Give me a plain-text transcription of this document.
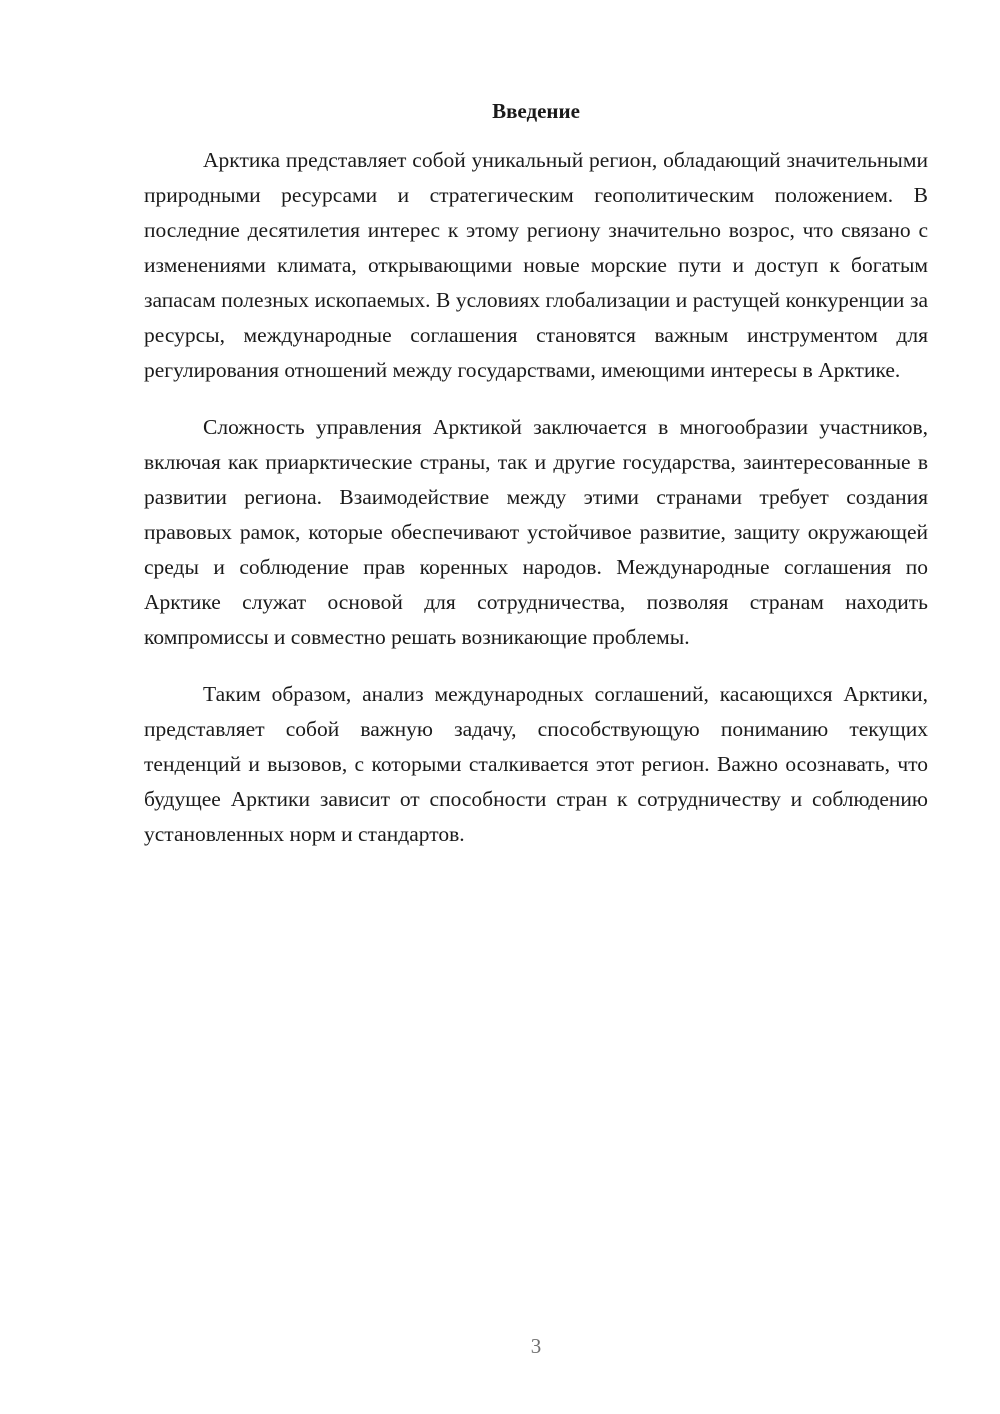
Введение

Арктика представляет собой уникальный регион, обладающий значительными природными ресурсами и стратегическим геополитическим положением. В последние десятилетия интерес к этому региону значительно возрос, что связано с изменениями климата, открывающими новые морские пути и доступ к богатым запасам полезных ископаемых. В условиях глобализации и растущей конкуренции за ресурсы, международные соглашения становятся важным инструментом для регулирования отношений между государствами, имеющими интересы в Арктике.

Сложность управления Арктикой заключается в многообразии участников, включая как приарктические страны, так и другие государства, заинтересованные в развитии региона. Взаимодействие между этими странами требует создания правовых рамок, которые обеспечивают устойчивое развитие, защиту окружающей среды и соблюдение прав коренных народов. Международные соглашения по Арктике служат основой для сотрудничества, позволяя странам находить компромиссы и совместно решать возникающие проблемы.

Таким образом, анализ международных соглашений, касающихся Арктики, представляет собой важную задачу, способствующую пониманию текущих тенденций и вызовов, с которыми сталкивается этот регион. Важно осознавать, что будущее Арктики зависит от способности стран к сотрудничеству и соблюдению установленных норм и стандартов.

3
